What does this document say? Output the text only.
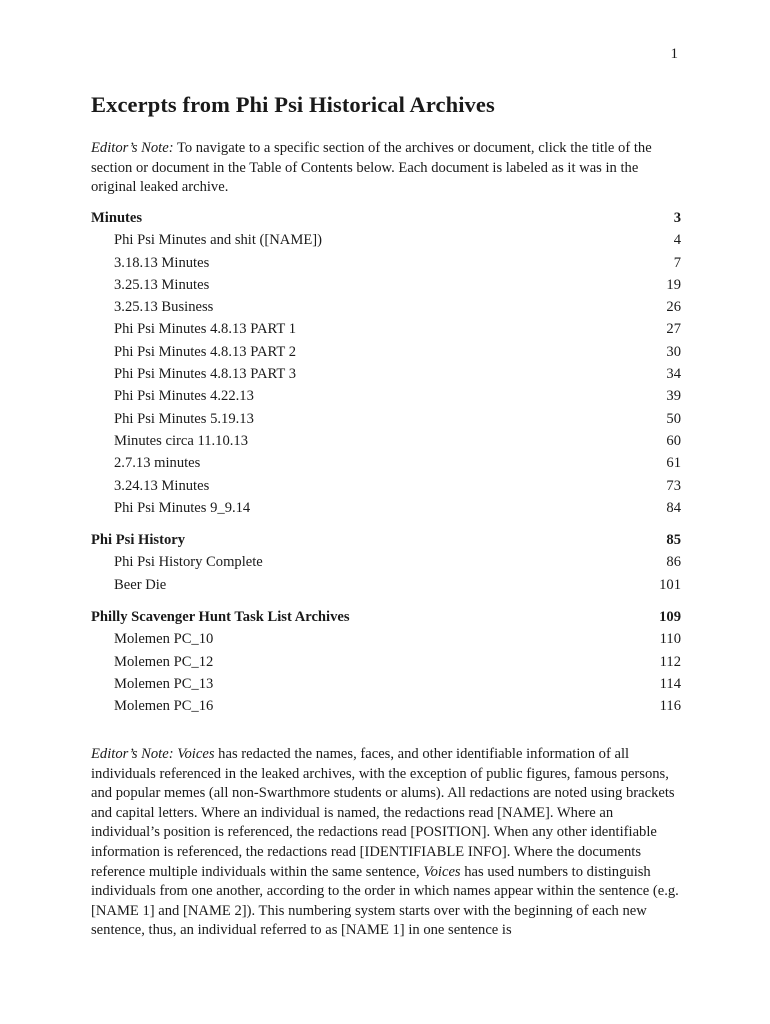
1
Excerpts from Phi Psi Historical Archives

Editor’s Note: To navigate to a specific section of the archives or document, click the title of the section or document in the Table of Contents below. Each document is labeled as it was in the original leaked archive.

Minutes	3
Phi Psi Minutes and shit ([NAME])	4
3.18.13 Minutes	7
3.25.13 Minutes	19
3.25.13 Business	26
Phi Psi Minutes 4.8.13 PART 1	27
Phi Psi Minutes 4.8.13 PART 2	30
Phi Psi Minutes 4.8.13 PART 3	34
Phi Psi Minutes 4.22.13	39
Phi Psi Minutes 5.19.13	50
Minutes circa 11.10.13	60
2.7.13 minutes	61
3.24.13 Minutes	73
Phi Psi Minutes 9_9.14	84
Phi Psi History	85
Phi Psi History Complete	86
Beer Die	101
Philly Scavenger Hunt Task List Archives	109
Molemen PC_10	110
Molemen PC_12	112
Molemen PC_13	114
Molemen PC_16	116

Editor’s Note: Voices has redacted the names, faces, and other identifiable information of all individuals referenced in the leaked archives, with the exception of public figures, famous persons, and popular memes (all non-Swarthmore students or alums). All redactions are noted using brackets and capital letters. Where an individual is named, the redactions read [NAME]. Where an individual’s position is referenced, the redactions read [POSITION]. When any other identifiable information is referenced, the redactions read [IDENTIFIABLE INFO]. Where the documents reference multiple individuals within the same sentence, Voices has used numbers to distinguish individuals from one another, according to the order in which names appear within the sentence (e.g. [NAME 1] and [NAME 2]). This numbering system starts over with the beginning of each new sentence, thus, an individual referred to as [NAME 1] in one sentence is
